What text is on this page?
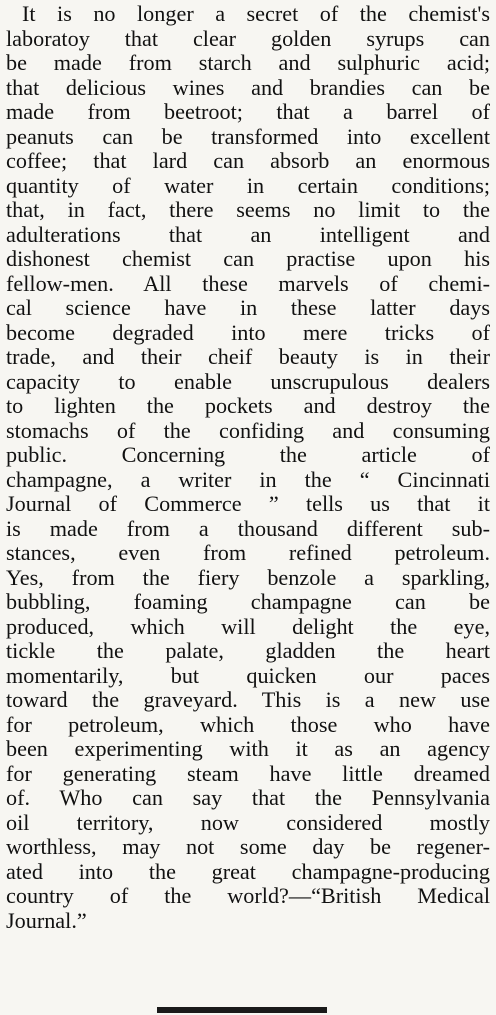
It is no longer a secret of the chemist's
laboratoy that clear golden syrups can
be made from starch and sulphuric acid;
that delicious wines and brandies can be
made from beetroot; that a barrel of
peanuts can be transformed into excellent
coffee; that lard can absorb an enormous
quantity of water in certain conditions;
that, in fact, there seems no limit to the
adulterations that an intelligent and
dishonest chemist can practise upon his
fellow-men. All these marvels of chemi-
cal science have in these latter days
become degraded into mere tricks of
trade, and their cheif beauty is in their
capacity to enable unscrupulous dealers
to lighten the pockets and destroy the
stomachs of the confiding and consuming
public. Concerning the article of
champagne, a writer in the “ Cincinnati
Journal of Commerce ” tells us that it
is made from a thousand different sub-
stances, even from refined petroleum.
Yes, from the fiery benzole a sparkling,
bubbling, foaming champagne can be
produced, which will delight the eye,
tickle the palate, gladden the heart
momentarily, but quicken our paces
toward the graveyard. This is a new use
for petroleum, which those who have
been experimenting with it as an agency
for generating steam have little dreamed
of. Who can say that the Pennsylvania
oil territory, now considered mostly
worthless, may not some day be regener-
ated into the great champagne-producing
country of the world?—“British Medical
Journal.”
